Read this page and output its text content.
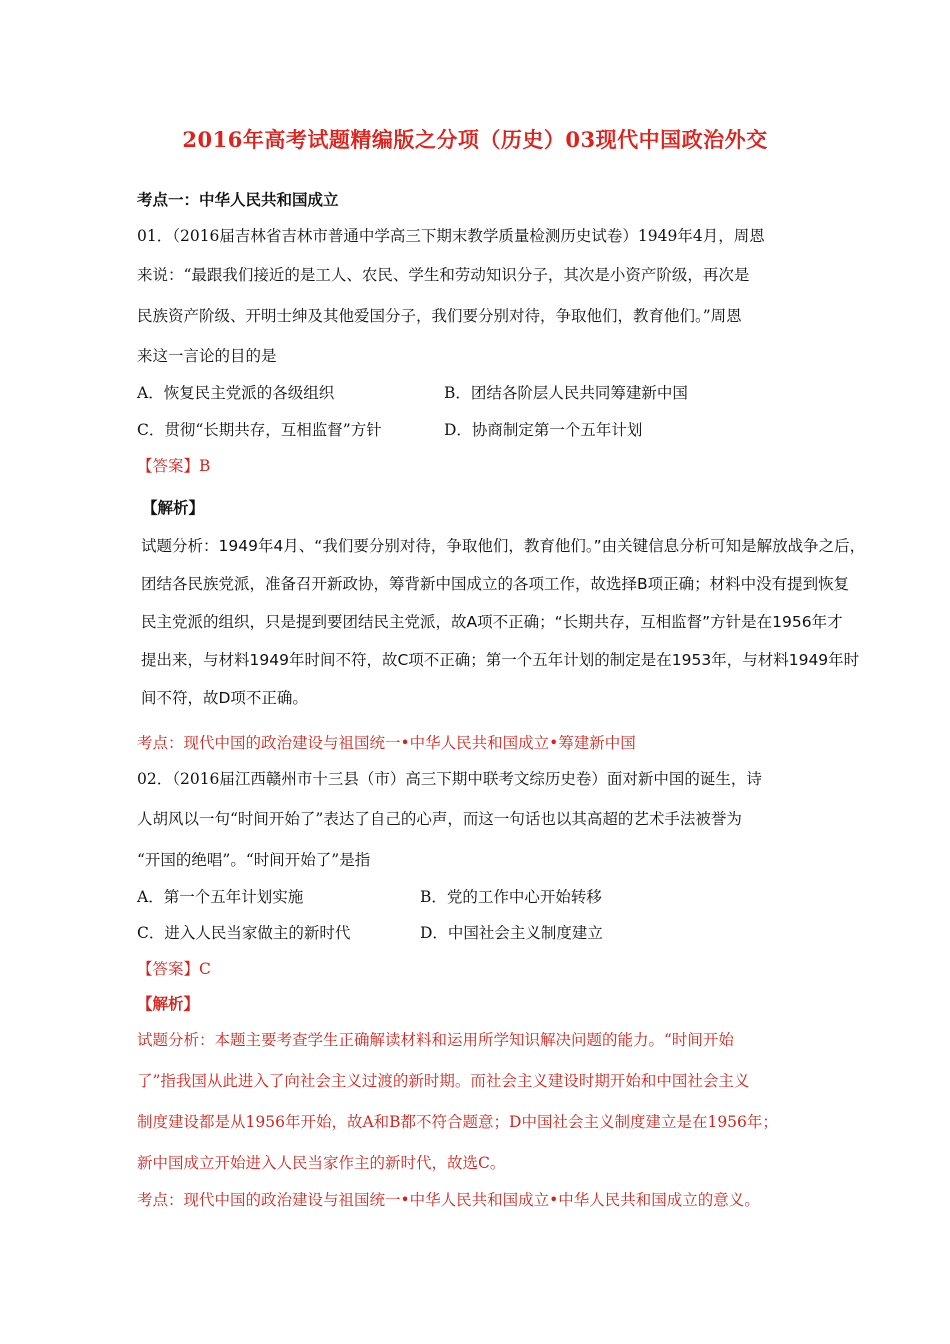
2016年高考试题精编版之分项（历史）03现代中国政治外交
考点一：中华人民共和国成立
01．（2016届吉林省吉林市普通中学高三下期末教学质量检测历史试卷）1949年4月，周恩
来说：“最跟我们接近的是工人、农民、学生和劳动知识分子，其次是小资产阶级，再次是
民族资产阶级、开明士绅及其他爱国分子，我们要分别对待，争取他们，教育他们。”周恩
来这一言论的目的是
A．恢复民主党派的各级组织	B．团结各阶层人民共同筹建新中国
C．贯彻“长期共存，互相监督”方针	D．协商制定第一个五年计划
【答案】B
【解析】
试题分析：1949年4月、“我们要分别对待，争取他们，教育他们。”由关键信息分析可知是解放战争之后，
团结各民族党派，准备召开新政协，筹背新中国成立的各项工作，故选择B项正确；材料中没有提到恢复
民主党派的组织，只是提到要团结民主党派，故A项不正确；“长期共存，互相监督”方针是在1956年才
提出来，与材料1949年时间不符，故C项不正确；第一个五年计划的制定是在1953年，与材料1949年时
间不符，故D项不正确。
考点：现代中国的政治建设与祖国统一•中华人民共和国成立•筹建新中国
02．（2016届江西赣州市十三县（市）高三下期中联考文综历史卷）面对新中国的诞生，诗
人胡风以一句“时间开始了”表达了自己的心声，而这一句话也以其高超的艺术手法被誉为
“开国的绝唱”。“时间开始了”是指
A．第一个五年计划实施	B．党的工作中心开始转移
C．进入人民当家做主的新时代	D．中国社会主义制度建立
【答案】C
【解析】
试题分析：本题主要考查学生正确解读材料和运用所学知识解决问题的能力。“时间开始
了”指我国从此进入了向社会主义过渡的新时期。而社会主义建设时期开始和中国社会主义
制度建设都是从1956年开始，故A和B都不符合题意；D中国社会主义制度建立是在1956年；
新中国成立开始进入人民当家作主的新时代，故选C。
考点：现代中国的政治建设与祖国统一•中华人民共和国成立•中华人民共和国成立的意义。
